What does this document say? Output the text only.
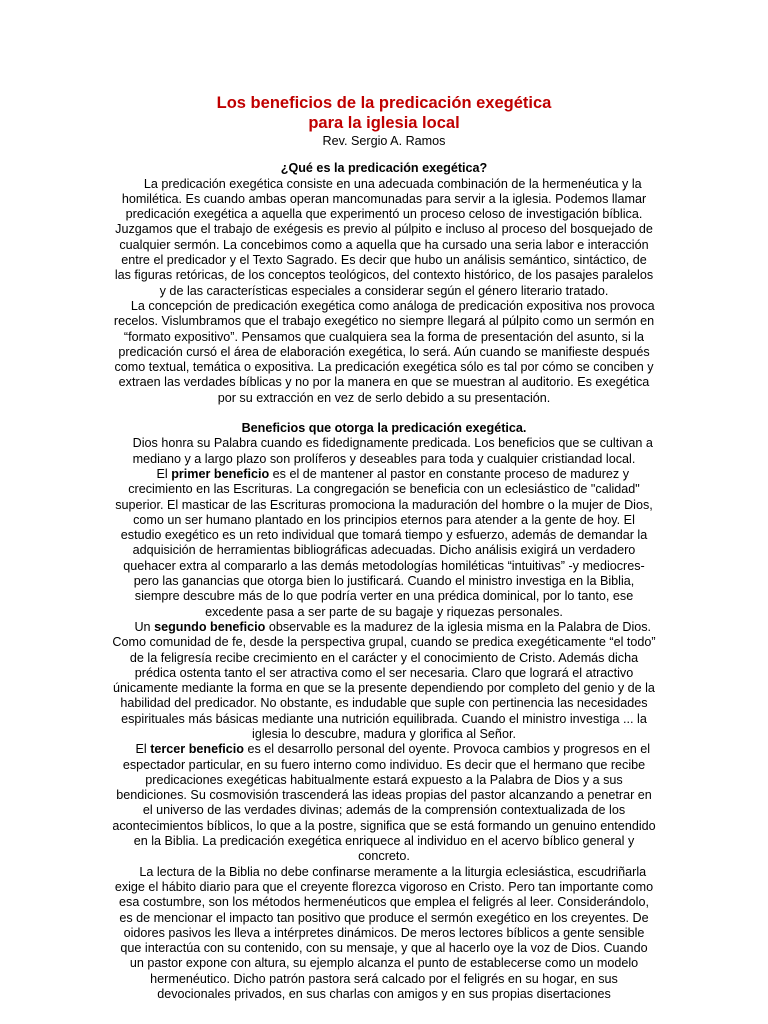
Los beneficios de la predicación exegética
para la iglesia local
Rev. Sergio A. Ramos
¿Qué es la predicación exegética?

La predicación exegética consiste en una adecuada combinación de la hermenéutica y la homilética. Es cuando ambas operan mancomunadas para servir a la iglesia. Podemos llamar predicación exegética a aquella que experimentó un proceso celoso de investigación bíblica. Juzgamos que el trabajo de exégesis es previo al púlpito e incluso al proceso del bosquejado de cualquier sermón. La concebimos como a aquella que ha cursado una seria labor e interacción entre el predicador y el Texto Sagrado. Es decir que hubo un análisis semántico, sintáctico, de las figuras retóricas, de los conceptos teológicos, del contexto histórico, de los pasajes paralelos y de las características especiales a considerar según el género literario tratado.

La concepción de predicación exegética como análoga de predicación expositiva nos provoca recelos. Vislumbramos que el trabajo exegético no siempre llegará al púlpito como un sermón en “formato expositivo”. Pensamos que cualquiera sea la forma de presentación del asunto, si la predicación cursó el área de elaboración exegética, lo será. Aún cuando se manifieste después como textual, temática o expositiva. La predicación exegética sólo es tal por cómo se conciben y extraen las verdades bíblicas y no por la manera en que se muestran al auditorio. Es exegética por su extracción en vez de serlo debido a su presentación.

Beneficios que otorga la predicación exegética.

Dios honra su Palabra cuando es fidedignamente predicada. Los beneficios que se cultivan a mediano y a largo plazo son prolíferos y deseables para toda y cualquier cristiandad local.

El primer beneficio es el de mantener al pastor en constante proceso de madurez y crecimiento en las Escrituras. La congregación se beneficia con un eclesiástico de "calidad" superior. El masticar de las Escrituras promociona la maduración del hombre o la mujer de Dios, como un ser humano plantado en los principios eternos para atender a la gente de hoy. El estudio exegético es un reto individual que tomará tiempo y esfuerzo, además de demandar la adquisición de herramientas bibliográficas adecuadas. Dicho análisis exigirá un verdadero quehacer extra al compararlo a las demás metodologías homiléticas “intuitivas” -y mediocres- pero las ganancias que otorga bien lo justificará. Cuando el ministro investiga en la Biblia, siempre descubre más de lo que podría verter en una prédica dominical, por lo tanto, ese excedente pasa a ser parte de su bagaje y riquezas personales.

Un segundo beneficio observable es la madurez de la iglesia misma en la Palabra de Dios. Como comunidad de fe, desde la perspectiva grupal, cuando se predica exegéticamente “el todo” de la feligresía recibe crecimiento en el carácter y el conocimiento de Cristo. Además dicha prédica ostenta tanto el ser atractiva como el ser necesaria. Claro que logrará el atractivo únicamente mediante la forma en que se la presente dependiendo por completo del genio y de la habilidad del predicador. No obstante, es indudable que suple con pertinencia las necesidades espirituales más básicas mediante una nutrición equilibrada. Cuando el ministro investiga ... la iglesia lo descubre, madura y glorifica al Señor.

El tercer beneficio es el desarrollo personal del oyente. Provoca cambios y progresos en el espectador particular, en su fuero interno como individuo. Es decir que el hermano que recibe predicaciones exegéticas habitualmente estará expuesto a la Palabra de Dios y a sus bendiciones. Su cosmovisión trascenderá las ideas propias del pastor alcanzando a penetrar en el universo de las verdades divinas; además de la comprensión contextualizada de los acontecimientos bíblicos, lo que a la postre, significa que se está formando un genuino entendido en la Biblia. La predicación exegética enriquece al individuo en el acervo bíblico general y concreto.

La lectura de la Biblia no debe confinarse meramente a la liturgia eclesiástica, escudriñarla exige el hábito diario para que el creyente florezca vigoroso en Cristo. Pero tan importante como esa costumbre, son los métodos hermenéuticos que emplea el feligrés al leer. Considerándolo, es de mencionar el impacto tan positivo que produce el sermón exegético en los creyentes. De oidores pasivos les lleva a intérpretes dinámicos. De meros lectores bíblicos a gente sensible que interactúa con su contenido, con su mensaje, y que al hacerlo oye la voz de Dios. Cuando un pastor expone con altura, su ejemplo alcanza el punto de establecerse como un modelo hermenéutico. Dicho patrón pastora será calcado por el feligrés en su hogar, en sus devocionales privados, en sus charlas con amigos y en sus propias disertaciones
